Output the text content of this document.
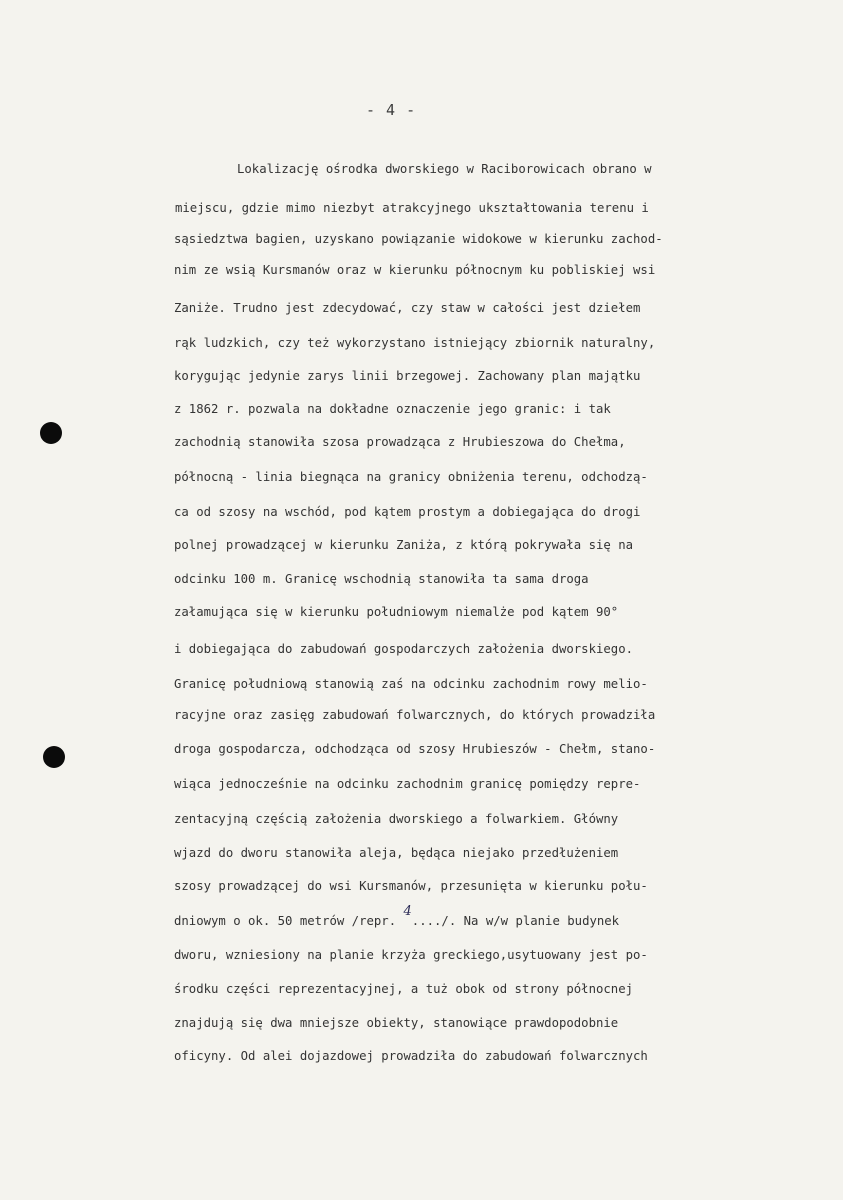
- 4 -
Lokalizację ośrodka dworskiego w Raciborowicach obrano w
miejscu, gdzie mimo niezbyt atrakcyjnego ukształtowania terenu i
sąsiedztwa bagien, uzyskano powiązanie widokowe w kierunku zachod-
nim ze wsią Kursmanów oraz w kierunku północnym ku pobliskiej wsi
Zaniże. Trudno jest zdecydować, czy staw w całości jest dziełem
rąk ludzkich, czy też wykorzystano istniejący zbiornik naturalny,
korygując jedynie zarys linii brzegowej. Zachowany plan majątku
z 1862 r. pozwala na dokładne oznaczenie jego granic: i tak
zachodnią stanowiła szosa prowadząca z Hrubieszowa do Chełma,
północną - linia biegnąca na granicy obniżenia terenu, odchodzą-
ca od szosy na wschód, pod kątem prostym a dobiegająca do drogi
polnej prowadzącej w kierunku Zaniża, z którą pokrywała się na
odcinku 100 m. Granicę wschodnią stanowiła ta sama droga
załamująca się w kierunku południowym niemalże pod kątem 90°
i dobiegająca do zabudowań gospodarczych założenia dworskiego.
Granicę południową stanowią zaś na odcinku zachodnim rowy melio-
racyjne oraz zasięg zabudowań folwarcznych, do których prowadziła
droga gospodarcza, odchodząca od szosy Hrubieszów - Chełm, stano-
wiąca jednocześnie na odcinku zachodnim granicę pomiędzy repre-
zentacyjną częścią założenia dworskiego a folwarkiem. Główny
wjazd do dworu stanowiła aleja, będąca niejako przedłużeniem
szosy prowadzącej do wsi Kursmanów, przesunięta w kierunku połu-
dniowym o ok. 50 metrów /repr. 4..../. Na w/w planie budynek
dworu, wzniesiony na planie krzyża greckiego,usytuowany jest po-
środku części reprezentacyjnej, a tuż obok od strony północnej
znajdują się dwa mniejsze obiekty, stanowiące prawdopodobnie
oficyny. Od alei dojazdowej prowadziła do zabudowań folwarcznych
